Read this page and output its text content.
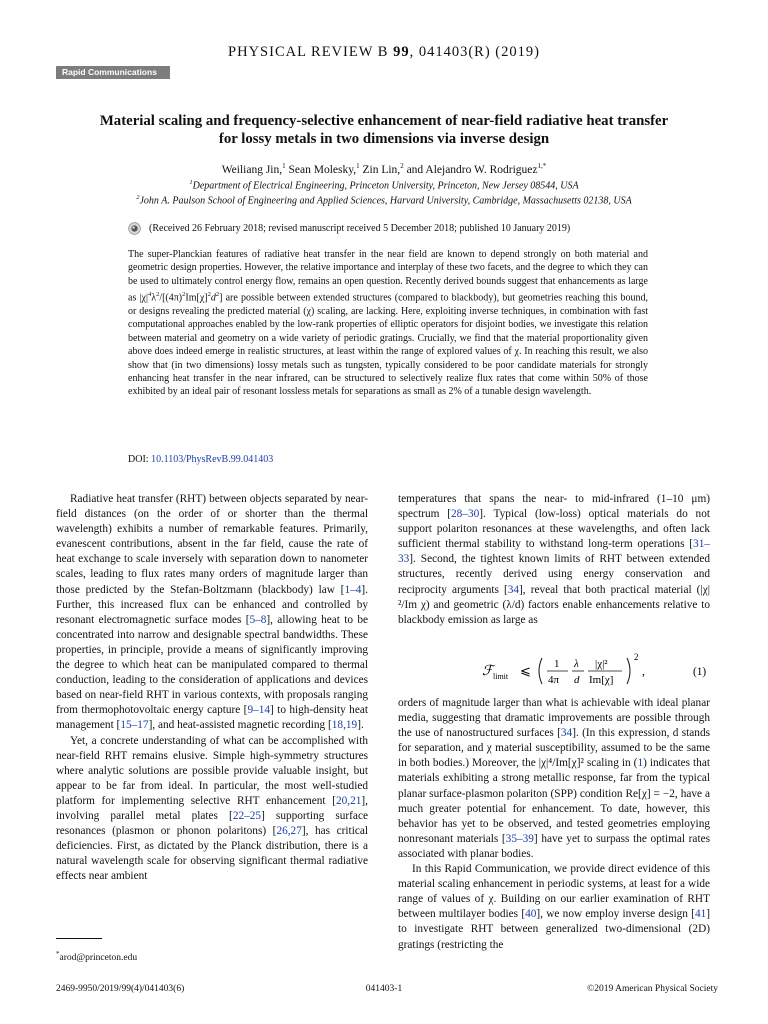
PHYSICAL REVIEW B 99, 041403(R) (2019)
Rapid Communications
Material scaling and frequency-selective enhancement of near-field radiative heat transfer for lossy metals in two dimensions via inverse design
Weiliang Jin,$^1$ Sean Molesky,$^1$ Zin Lin,$^2$ and Alejandro W. Rodriguez$^{1,*}$
$^1$Department of Electrical Engineering, Princeton University, Princeton, New Jersey 08544, USA
$^2$John A. Paulson School of Engineering and Applied Sciences, Harvard University, Cambridge, Massachusetts 02138, USA
(Received 26 February 2018; revised manuscript received 5 December 2018; published 10 January 2019)
The super-Planckian features of radiative heat transfer in the near field are known to depend strongly on both material and geometric design properties. However, the relative importance and interplay of these two facets, and the degree to which they can be used to ultimately control energy flow, remains an open question. Recently derived bounds suggest that enhancements as large as $|\chi|^4\lambda^2/[(4\pi)^2Im[\chi]^2d^2]$ are possible between extended structures (compared to blackbody), but geometries reaching this bound, or designs revealing the predicted material (χ) scaling, are lacking. Here, exploiting inverse techniques, in combination with fast computational approaches enabled by the low-rank properties of elliptic operators for disjoint bodies, we investigate this relation between material and geometry on a wide variety of periodic gratings. Crucially, we find that the material proportionality given above does indeed emerge in realistic structures, at least within the range of explored values of χ. In reaching this result, we also show that (in two dimensions) lossy metals such as tungsten, typically considered to be poor candidate materials for strongly enhancing heat transfer in the near infrared, can be structured to selectively realize flux rates that come within 50% of those exhibited by an ideal pair of resonant lossless metals for separations as small as 2% of a tunable design wavelength.
DOI: 10.1103/PhysRevB.99.041403

Radiative heat transfer (RHT) between objects separated by near-field distances (on the order of or shorter than the thermal wavelength) exhibits a number of remarkable features. Primarily, evanescent contributions, absent in the far field, cause the rate of heat exchange to scale inversely with separation down to nanometer scales, leading to flux rates many orders of magnitude larger than those predicted by the Stefan-Boltzmann (blackbody) law [1–4]. Further, this increased flux can be enhanced and controlled by resonant electromagnetic surface modes [5–8], allowing heat to be concentrated into narrow and designable spectral bandwidths. These properties, in principle, provide a means of significantly improving the degree to which heat can be manipulated compared to thermal conduction, leading to the consideration of applications and devices based on near-field RHT in various contexts, with proposals ranging from thermophotovoltaic energy capture [9–14] to high-density heat management [15–17], and heat-assisted magnetic recording [18,19].

Yet, a concrete understanding of what can be accomplished with near-field RHT remains elusive. Simple high-symmetry structures where analytic solutions are possible provide valuable insight, but appear to be far from ideal. In particular, the most well-studied platform for implementing selective RHT enhancement [20,21], involving parallel metal plates [22–25] supporting surface resonances (plasmon or phonon polaritons) [26,27], has critical deficiencies. First, as dictated by the Planck distribution, there is a natural wavelength scale for observing significant thermal radiative effects near ambient

temperatures that spans the near- to mid-infrared (1–10 μm) spectrum [28–30]. Typical (low-loss) optical materials do not support polariton resonances at these wavelengths, and often lack sufficient thermal stability to withstand long-term operations [31–33]. Second, the tightest known limits of RHT between extended structures, recently derived using energy conservation and reciprocity arguments [34], reveal that both practical material (|χ|²/Im χ) and geometric (λ/d) factors enable enhancements relative to blackbody emission as large as

ℱ limit ⩽ 1
4π
λ
d
|χ|²
Im[χ]
2
,	(1)

orders of magnitude larger than what is achievable with ideal planar media, suggesting that dramatic improvements are possible through the use of nanostructured surfaces [34]. (In this expression, d stands for separation, and χ material susceptibility, assumed to be the same in both bodies.) Moreover, the |χ|⁴/Im[χ]² scaling in (1) indicates that materials exhibiting a strong metallic response, far from the typical planar surface-plasmon polariton (SPP) condition Re[χ] = −2, have a much greater potential for enhancement. To date, however, this behavior has yet to be observed, and tested geometries employing nonresonant materials [35–39] have yet to surpass the optimal rates associated with planar bodies.

In this Rapid Communication, we provide direct evidence of this material scaling enhancement in periodic systems, at least for a wide range of values of χ. Building on our earlier examination of RHT between multilayer bodies [40], we now employ inverse design [41] to investigate RHT between generalized two-dimensional (2D) gratings (restricting the

*arod@princeton.edu
2469-9950/2019/99(4)/041403(6)	041403-1	©2019 American Physical Society
